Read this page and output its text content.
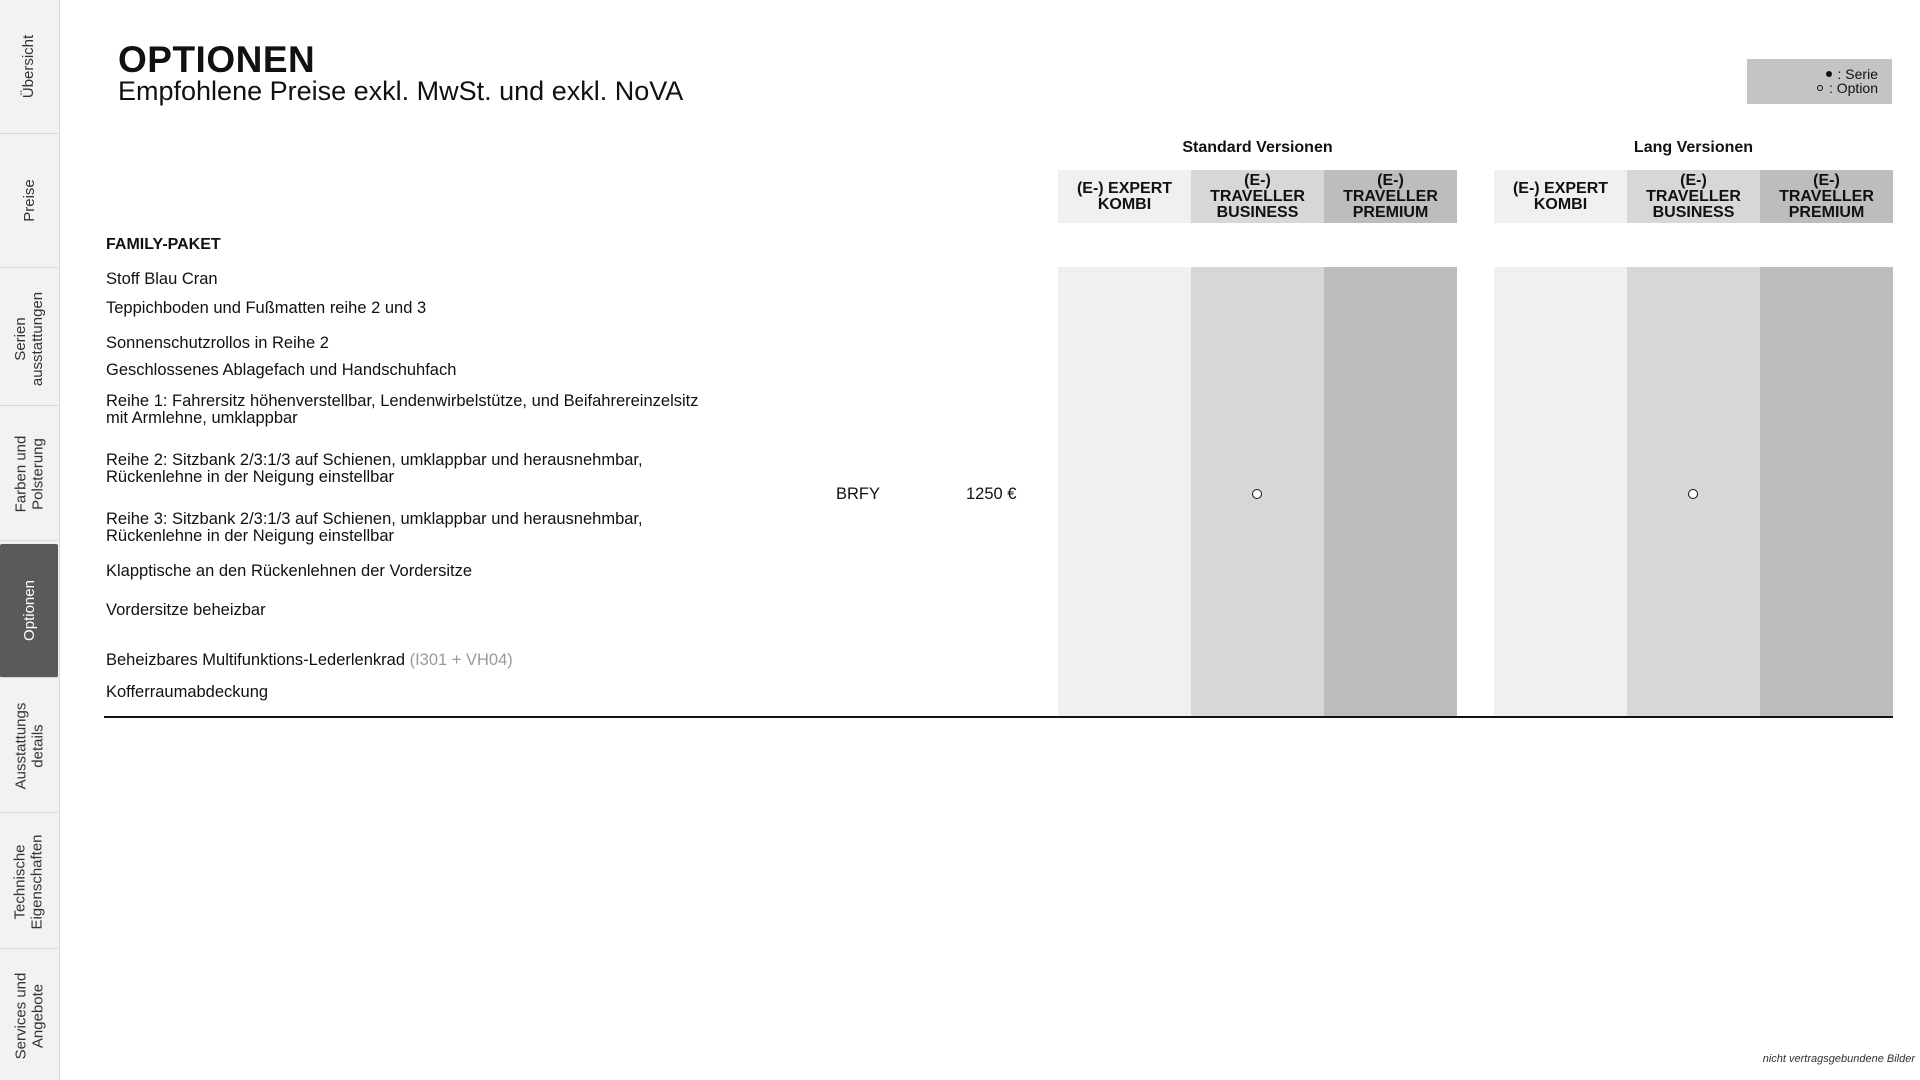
Übersicht
Preise
Serien
ausstattungen
Farben und
Polsterung
Optionen
Ausstattungs
details
Technische
Eigenschaften
Services und
Angebote
OPTIONEN
Empfohlene Preise exkl. MwSt. und exkl. NoVA
: Serie
: Option
Standard Versionen	Lang Versionen
(E-) EXPERT
KOMBI
(E-)
TRAVELLER
BUSINESS
(E-)
TRAVELLER
PREMIUM
(E-) EXPERT
KOMBI
(E-)
TRAVELLER
BUSINESS
(E-)
TRAVELLER
PREMIUM
FAMILY-PAKET
Stoff Blau Cran
Teppichboden und Fußmatten reihe 2 und 3
Sonnenschutzrollos in Reihe 2
Geschlossenes Ablagefach und Handschuhfach
Reihe 1: Fahrersitz höhenverstellbar, Lendenwirbelstütze, und Beifahrereinzelsitz
mit Armlehne, umklappbar
Reihe 2: Sitzbank 2/3:1/3 auf Schienen, umklappbar und herausnehmbar,
Rückenlehne in der Neigung einstellbar
Reihe 3: Sitzbank 2/3:1/3 auf Schienen, umklappbar und herausnehmbar,
Rückenlehne in der Neigung einstellbar
Klapptische an den Rückenlehnen der Vordersitze
Vordersitze beheizbar
Beheizbares Multifunktions-Lederlenkrad (I301 + VH04)
Kofferraumabdeckung
BRFY	1250 €
nicht vertragsgebundene Bilder
